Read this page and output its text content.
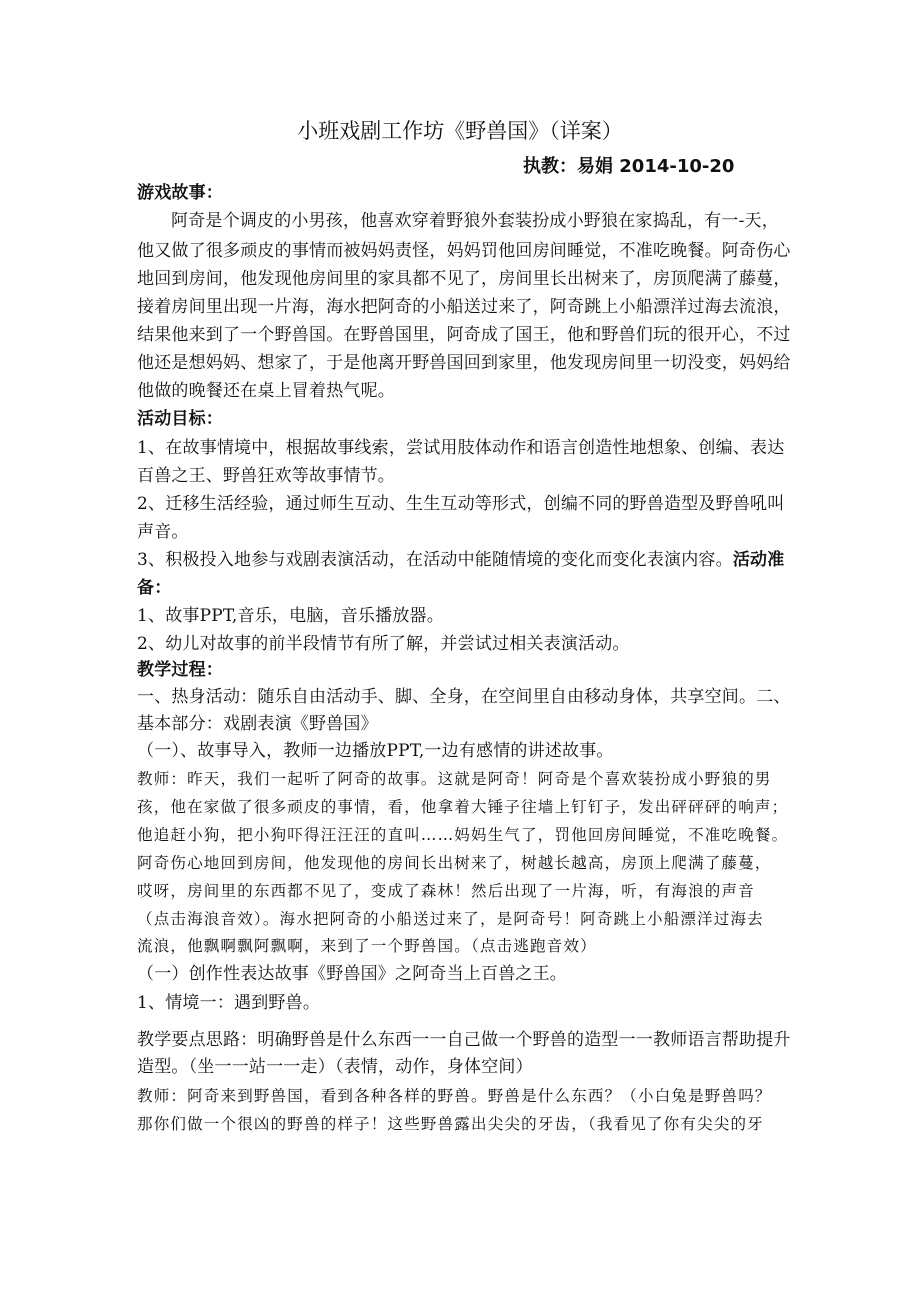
小班戏剧工作坊《野兽国》（详案）
执教：易娟 2014-10-20
游戏故事：
阿奇是个调皮的小男孩，他喜欢穿着野狼外套装扮成小野狼在家捣乱，有一-天，
他又做了很多顽皮的事情而被妈妈责怪，妈妈罚他回房间睡觉，不准吃晚餐。阿奇伤心
地回到房间，他发现他房间里的家具都不见了，房间里长出树来了，房顶爬满了藤蔓，
接着房间里出现一片海，海水把阿奇的小船送过来了，阿奇跳上小船漂洋过海去流浪，
结果他来到了一个野兽国。在野兽国里，阿奇成了国王，他和野兽们玩的很开心，不过
他还是想妈妈、想家了，于是他离开野兽国回到家里，他发现房间里一切没变，妈妈给
他做的晚餐还在桌上冒着热气呢。
活动目标：
1、在故事情境中，根据故事线索，尝试用肢体动作和语言创造性地想象、创编、表达
百兽之王、野兽狂欢等故事情节。
2、迁移生活经验，通过师生互动、生生互动等形式，创编不同的野兽造型及野兽吼叫
声音。
3、积极投入地参与戏剧表演活动，在活动中能随情境的变化而变化表演内容。活动准
备：
1、故事PPT,音乐，电脑，音乐播放器。
2、幼儿对故事的前半段情节有所了解，并尝试过相关表演活动。
教学过程：
一、热身活动：随乐自由活动手、脚、全身，在空间里自由移动身体，共享空间。二、
基本部分：戏剧表演《野兽国》
（一）、故事导入，教师一边播放PPT,一边有感情的讲述故事。
教师：昨天，我们一起听了阿奇的故事。这就是阿奇！阿奇是个喜欢装扮成小野狼的男
孩，他在家做了很多顽皮的事情，看，他拿着大锤子往墙上钉钉子，发出砰砰砰的响声；
他追赶小狗，把小狗吓得汪汪汪的直叫……妈妈生气了，罚他回房间睡觉，不准吃晚餐。
阿奇伤心地回到房间，他发现他的房间长出树来了，树越长越高，房顶上爬满了藤蔓，
哎呀，房间里的东西都不见了，变成了森林！然后出现了一片海，听，有海浪的声音
（点击海浪音效）。海水把阿奇的小船送过来了，是阿奇号！阿奇跳上小船漂洋过海去
流浪，他飘啊飘阿飘啊，来到了一个野兽国。（点击逃跑音效）
（一）创作性表达故事《野兽国》之阿奇当上百兽之王。
1、情境一：遇到野兽。
教学要点思路：明确野兽是什么东西一一自己做一个野兽的造型一一教师语言帮助提升
造型。（坐一一站一一走）（表情，动作，身体空间）
教师：阿奇来到野兽国，看到各种各样的野兽。野兽是什么东西？（小白兔是野兽吗？
那你们做一个很凶的野兽的样子！这些野兽露出尖尖的牙齿，（我看见了你有尖尖的牙
